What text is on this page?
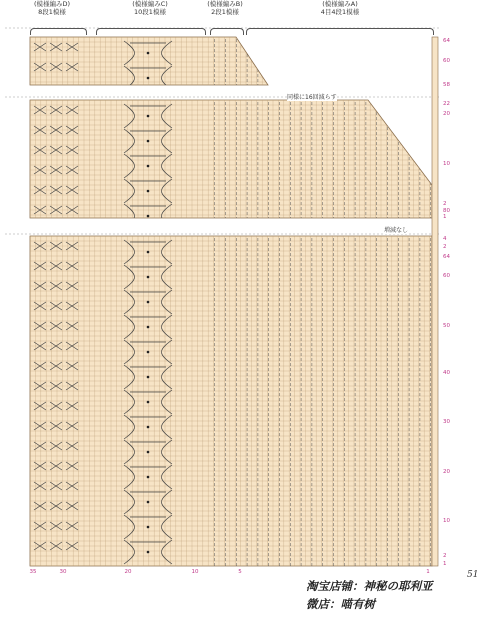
64
60
58
22
20
10
2
80
1
4
2
64
60
50
40
30
20
10
2
1
35	30	20	10	5	1
(模様編みD)
8段1模様
(模様編みC)
10段1模様
(模様編みB)
2段1模様
(模様編みA)
4目4段1模様
同様に16回減らす
増減なし
淘宝店铺：神秘の耶利亚
微店：喵有树
51
